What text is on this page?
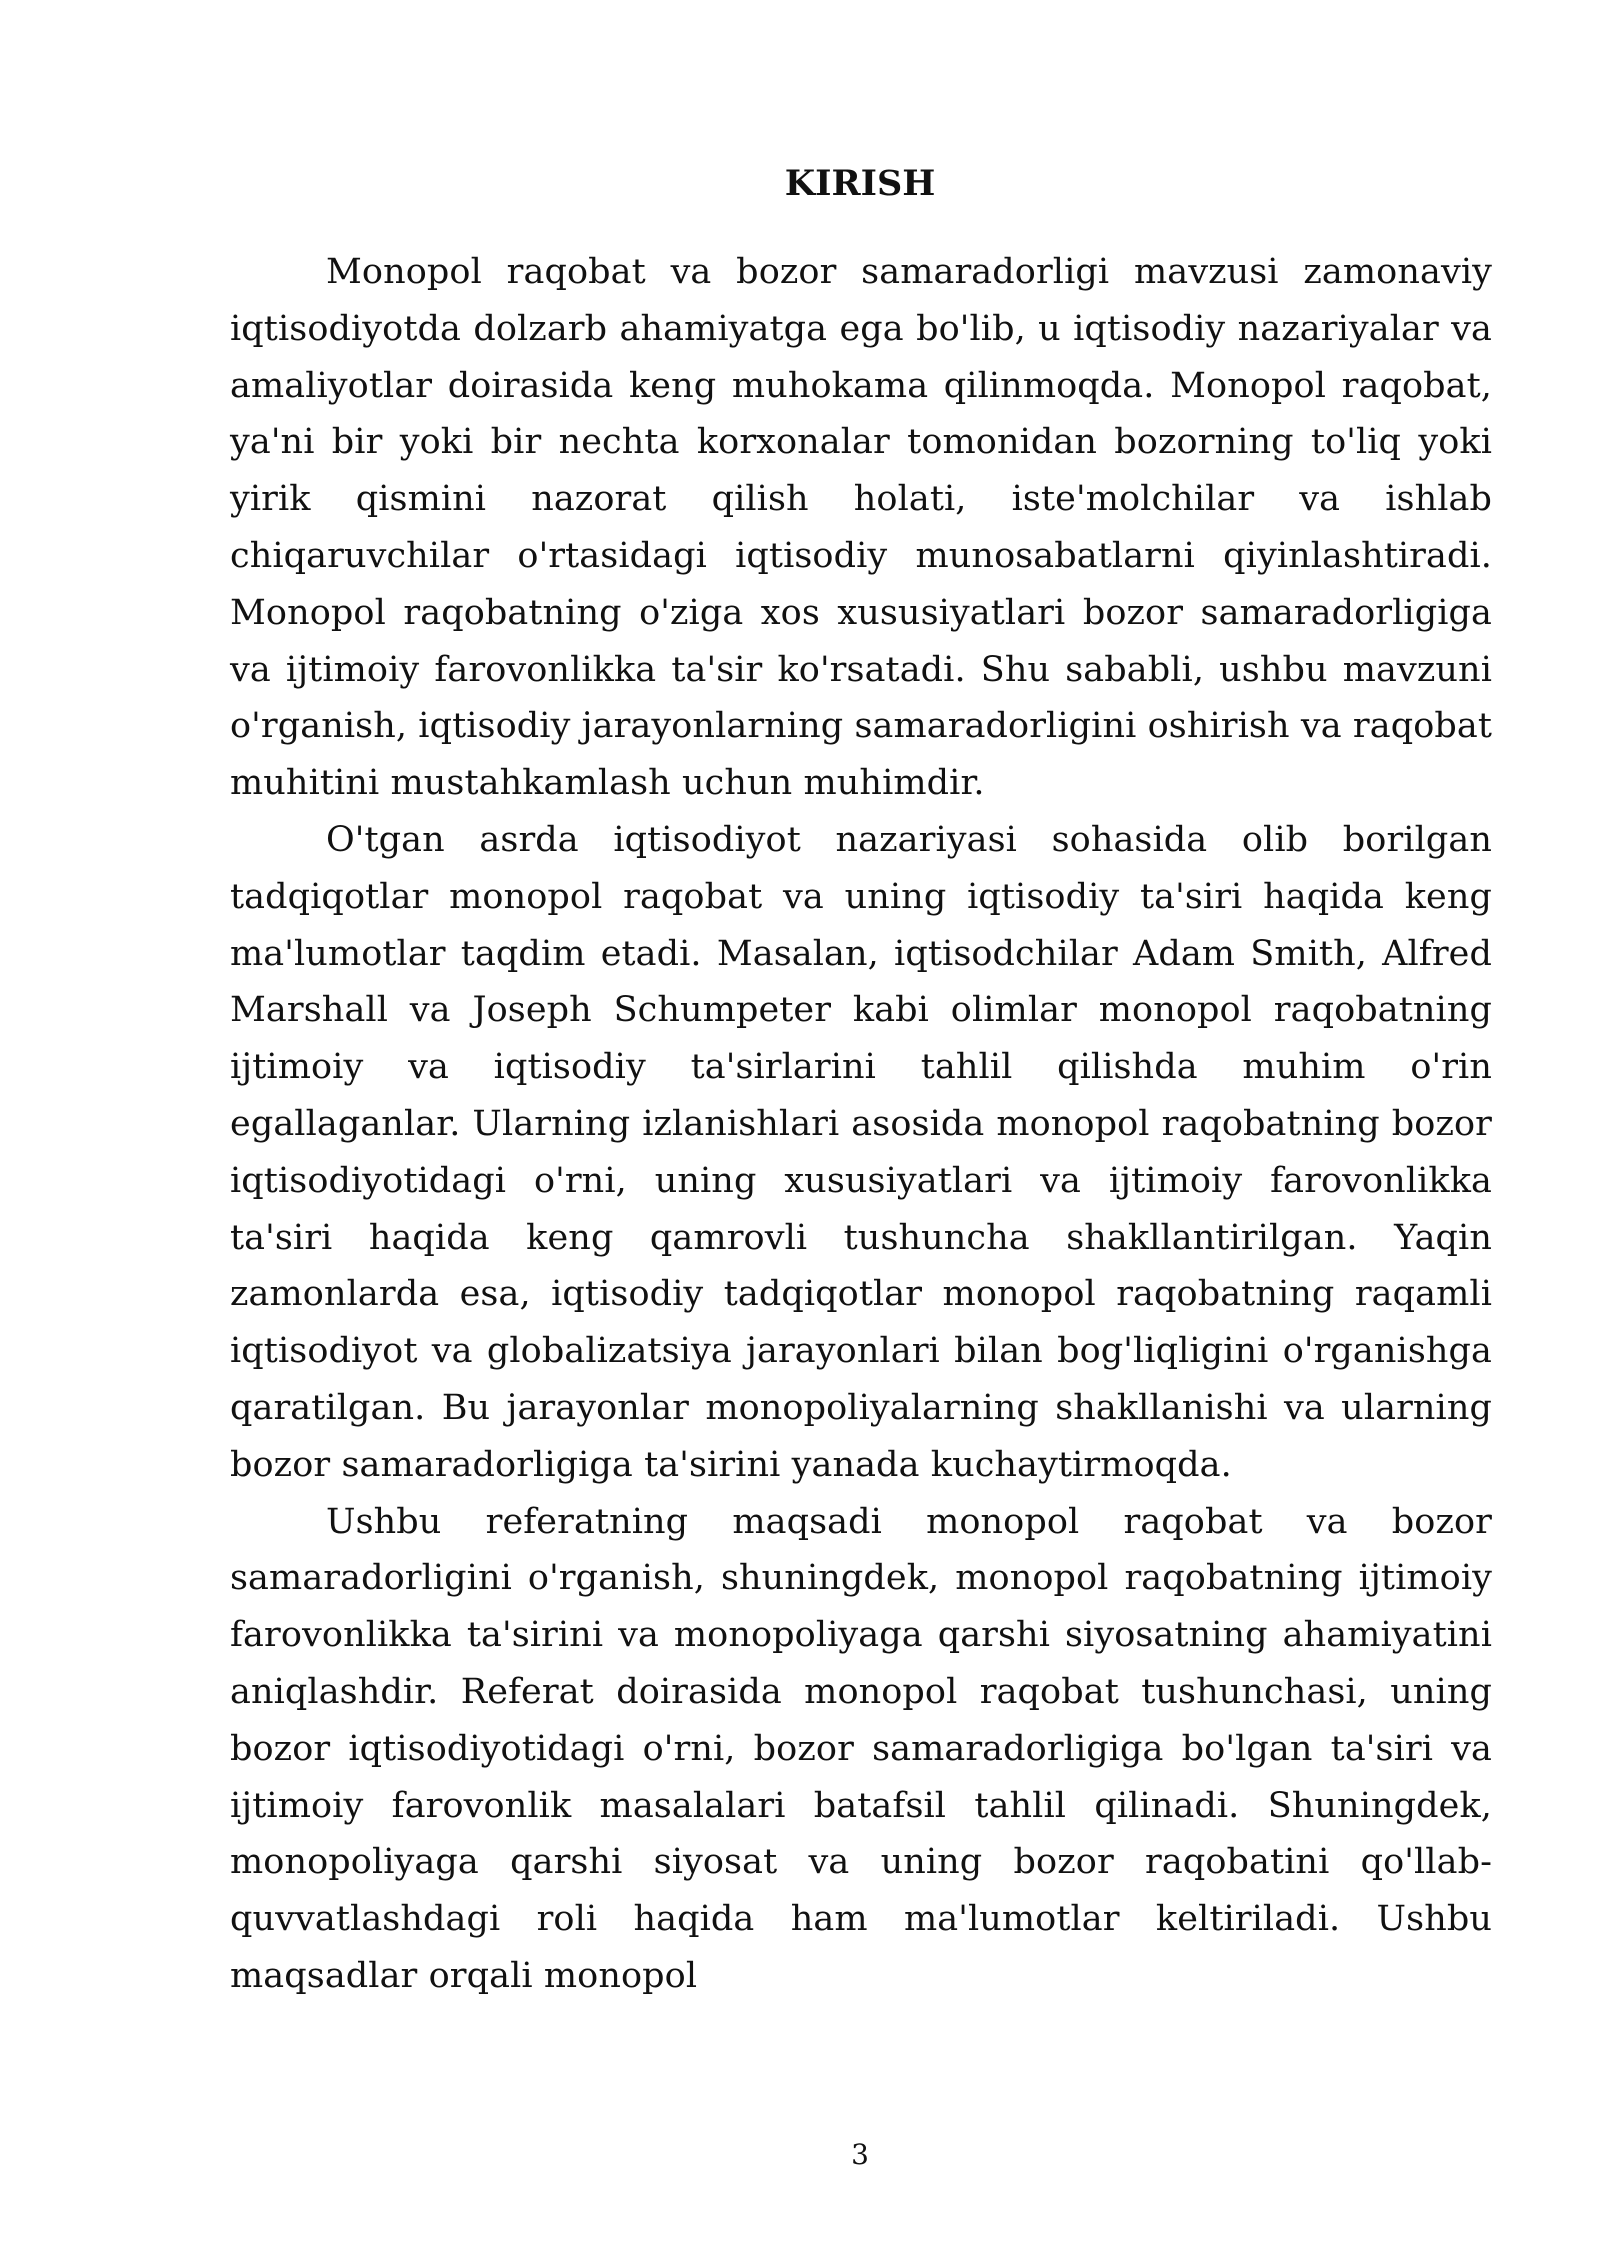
KIRISH

Monopol raqobat va bozor samaradorligi mavzusi zamonaviy iqtisodiyotda dolzarb ahamiyatga ega bo'lib, u iqtisodiy nazariyalar va amaliyotlar doirasida keng muhokama qilinmoqda. Monopol raqobat, ya'ni bir yoki bir nechta korxonalar tomonidan bozorning to'liq yoki yirik qismini nazorat qilish holati, iste'molchilar va ishlab chiqaruvchilar o'rtasidagi iqtisodiy munosabatlarni qiyinlashtiradi. Monopol raqobatning o'ziga xos xususiyatlari bozor samaradorligiga va ijtimoiy farovonlikka ta'sir ko'rsatadi. Shu sababli, ushbu mavzuni o'rganish, iqtisodiy jarayonlarning samaradorligini oshirish va raqobat muhitini mustahkamlash uchun muhimdir.

O'tgan asrda iqtisodiyot nazariyasi sohasida olib borilgan tadqiqotlar monopol raqobat va uning iqtisodiy ta'siri haqida keng ma'lumotlar taqdim etadi. Masalan, iqtisodchilar Adam Smith, Alfred Marshall va Joseph Schumpeter kabi olimlar monopol raqobatning ijtimoiy va iqtisodiy ta'sirlarini tahlil qilishda muhim o'rin egallaganlar. Ularning izlanishlari asosida monopol raqobatning bozor iqtisodiyotidagi o'rni, uning xususiyatlari va ijtimoiy farovonlikka ta'siri haqida keng qamrovli tushuncha shakllantirilgan. Yaqin zamonlarda esa, iqtisodiy tadqiqotlar monopol raqobatning raqamli iqtisodiyot va globalizatsiya jarayonlari bilan bog'liqligini o'rganishga qaratilgan. Bu jarayonlar monopoliyalarning shakllanishi va ularning bozor samaradorligiga ta'sirini yanada kuchaytirmoqda.

Ushbu referatning maqsadi monopol raqobat va bozor samaradorligini o'rganish, shuningdek, monopol raqobatning ijtimoiy farovonlikka ta'sirini va monopoliyaga qarshi siyosatning ahamiyatini aniqlashdir. Referat doirasida monopol raqobat tushunchasi, uning bozor iqtisodiyotidagi o'rni, bozor samaradorligiga bo'lgan ta'siri va ijtimoiy farovonlik masalalari batafsil tahlil qilinadi. Shuningdek, monopoliyaga qarshi siyosat va uning bozor raqobatini qo'llab-quvvatlashdagi roli haqida ham ma'lumotlar keltiriladi. Ushbu maqsadlar orqali monopol

3
